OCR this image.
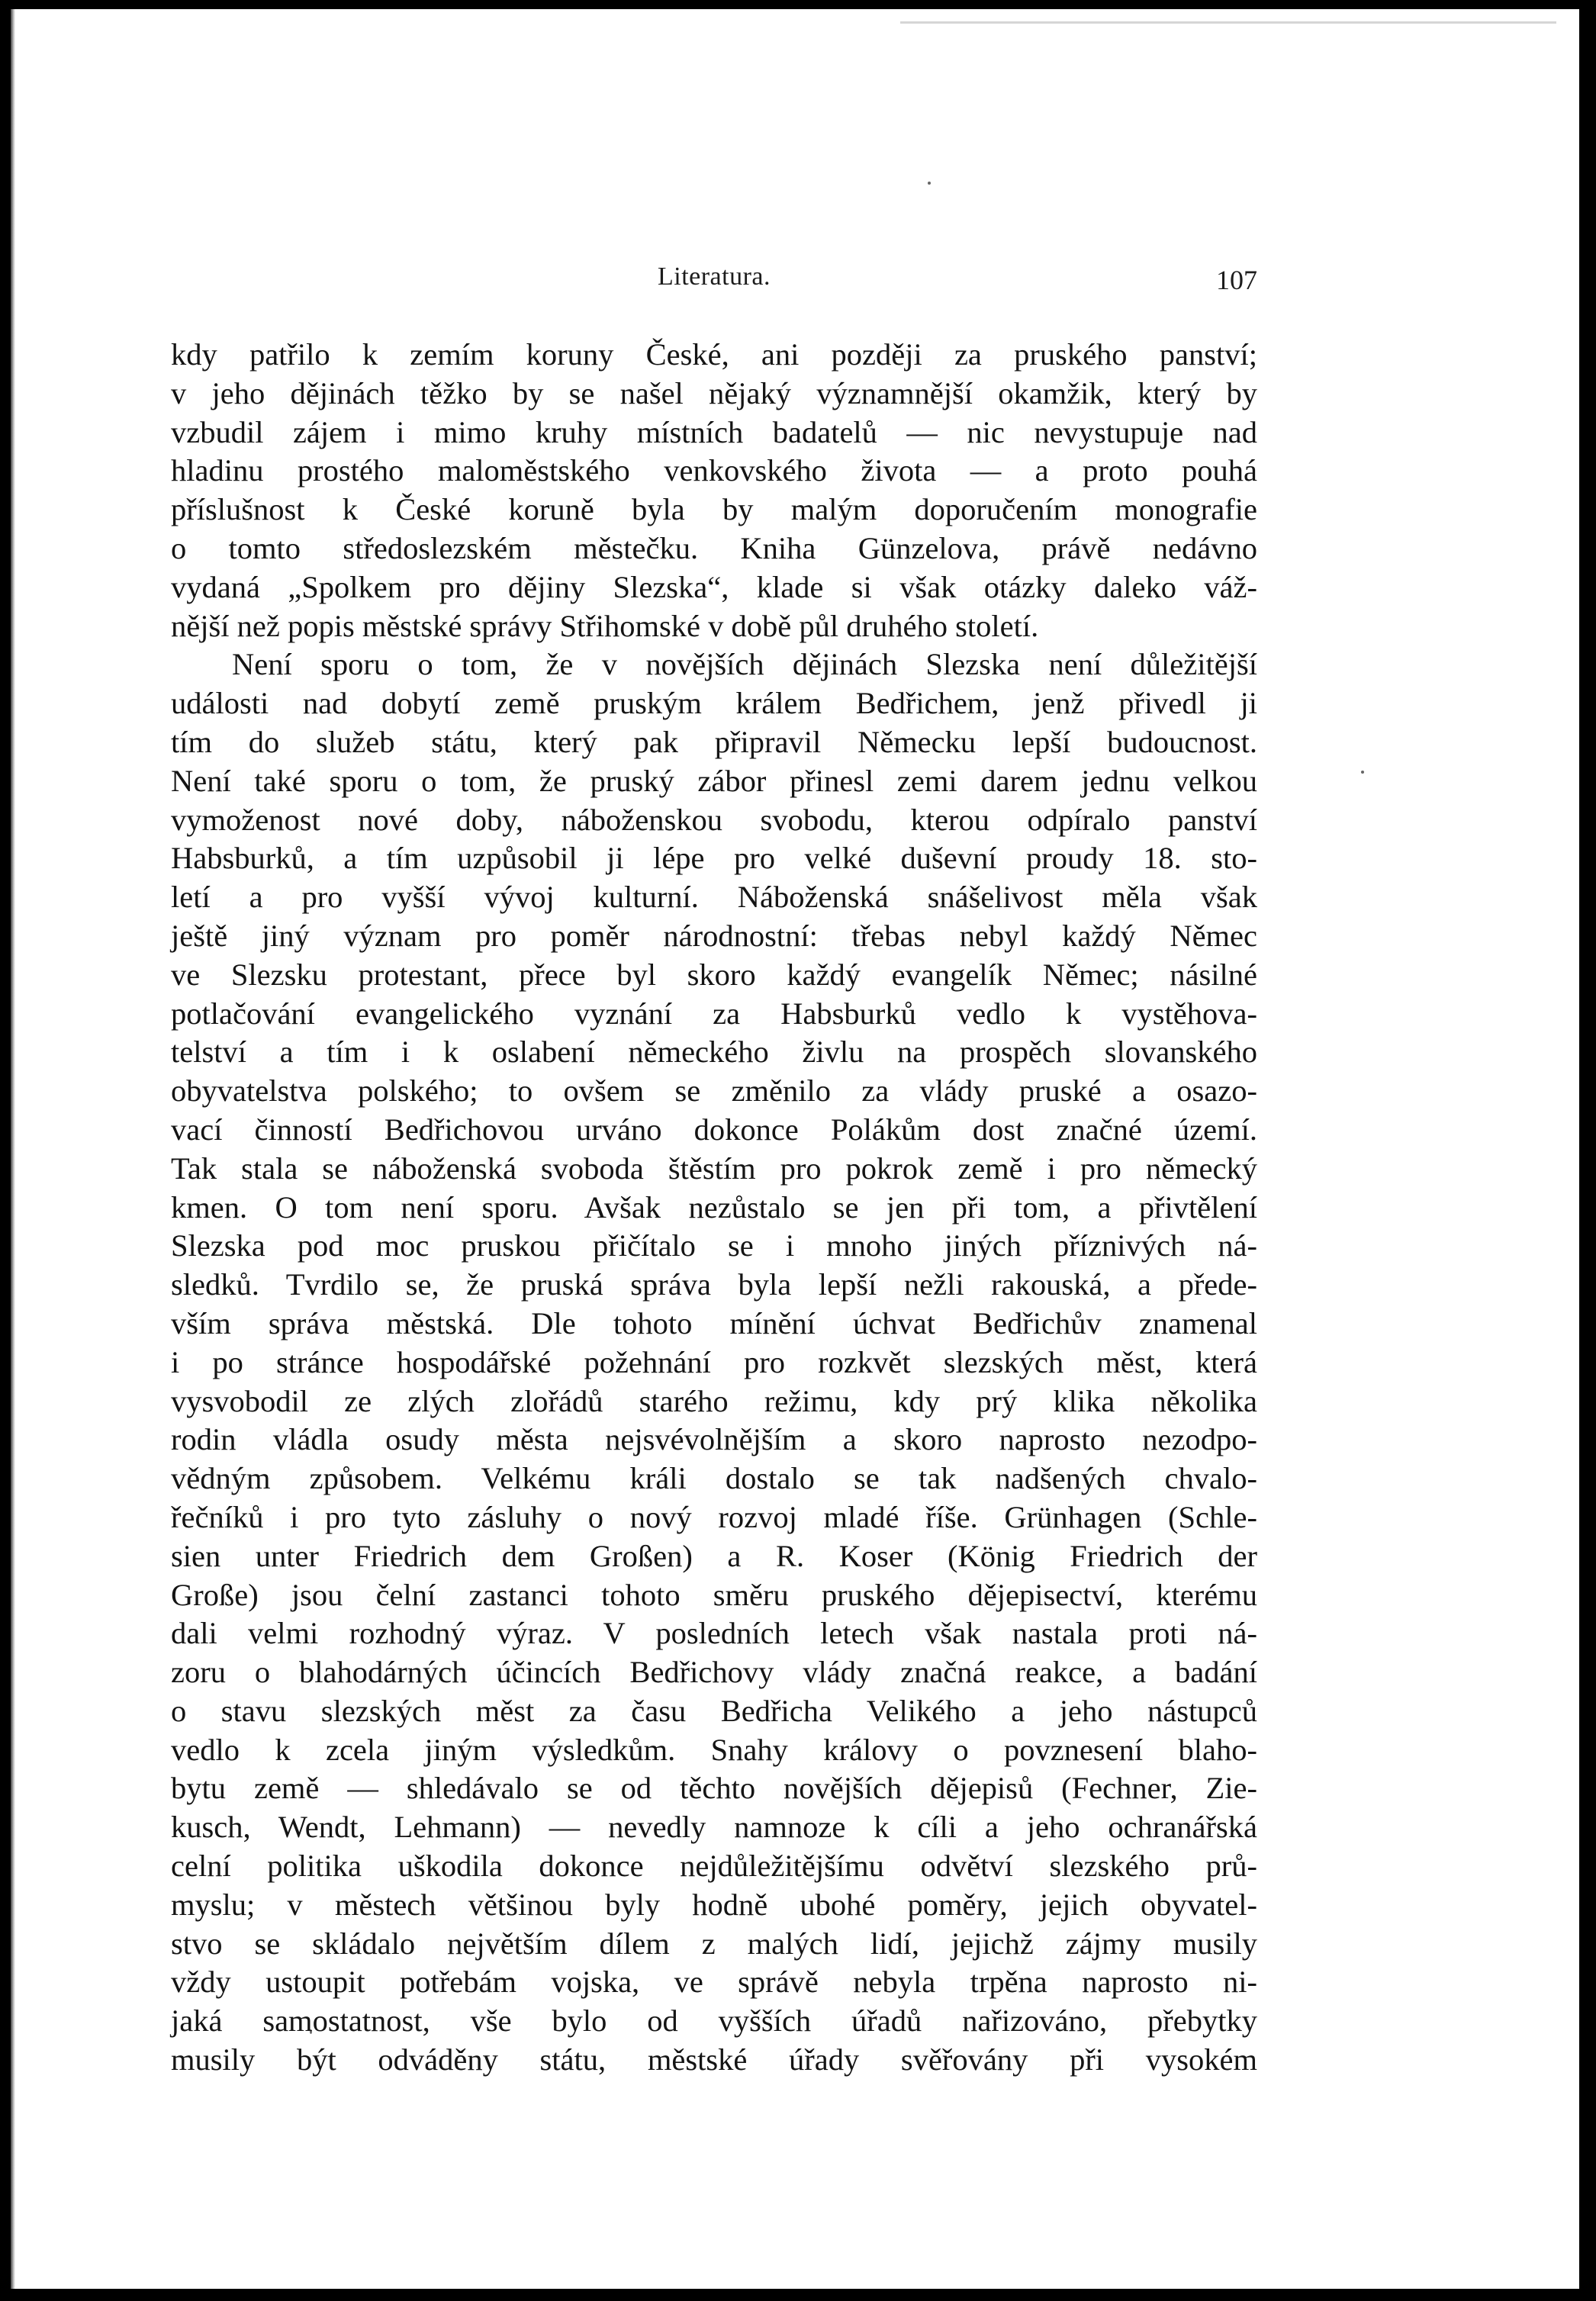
Literatura.	107
kdy patřilo k zemím koruny České, ani později za pruského panství;
v jeho dějinách těžko by se našel nějaký významnější okamžik, který by
vzbudil zájem i mimo kruhy místních badatelů — nic nevystupuje nad
hladinu prostého maloměstského venkovského života — a proto pouhá
příslušnost k České koruně byla by malým doporučením monografie
o tomto středoslezském městečku. Kniha Günzelova, právě nedávno
vydaná „Spolkem pro dějiny Slezska“, klade si však otázky daleko váž-
nější než popis městské správy Střihomské v době půl druhého století.
Není sporu o tom, že v novějších dějinách Slezska není důležitější
události nad dobytí země pruským králem Bedřichem, jenž přivedl ji
tím do služeb státu, který pak připravil Německu lepší budoucnost.
Není také sporu o tom, že pruský zábor přinesl zemi darem jednu velkou
vymoženost nové doby, náboženskou svobodu, kterou odpíralo panství
Habsburků, a tím uzpůsobil ji lépe pro velké duševní proudy 18. sto-
letí a pro vyšší vývoj kulturní. Náboženská snášelivost měla však
ještě jiný význam pro poměr národnostní: třebas nebyl každý Němec
ve Slezsku protestant, přece byl skoro každý evangelík Němec; násilné
potlačování evangelického vyznání za Habsburků vedlo k vystěhova-
telství a tím i k oslabení německého živlu na prospěch slovanského
obyvatelstva polského; to ovšem se změnilo za vlády pruské a osazo-
vací činností Bedřichovou urváno dokonce Polákům dost značné území.
Tak stala se náboženská svoboda štěstím pro pokrok země i pro německý
kmen. O tom není sporu. Avšak nezůstalo se jen při tom, a přivtělení
Slezska pod moc pruskou přičítalo se i mnoho jiných příznivých ná-
sledků. Tvrdilo se, že pruská správa byla lepší nežli rakouská, a přede-
vším správa městská. Dle tohoto mínění úchvat Bedřichův znamenal
i po stránce hospodářské požehnání pro rozkvět slezských měst, která
vysvobodil ze zlých zlořádů starého režimu, kdy prý klika několika
rodin vládla osudy města nejsvévolnějším a skoro naprosto nezodpo-
vědným způsobem. Velkému králi dostalo se tak nadšených chvalo-
řečníků i pro tyto zásluhy o nový rozvoj mladé říše. Grünhagen (Schle-
sien unter Friedrich dem Großen) a R. Koser (König Friedrich der
Große) jsou čelní zastanci tohoto směru pruského dějepisectví, kterému
dali velmi rozhodný výraz. V posledních letech však nastala proti ná-
zoru o blahodárných účincích Bedřichovy vlády značná reakce, a badání
o stavu slezských měst za času Bedřicha Velikého a jeho nástupců
vedlo k zcela jiným výsledkům. Snahy královy o povznesení blaho-
bytu země — shledávalo se od těchto novějších dějepisů (Fechner, Zie-
kusch, Wendt, Lehmann) — nevedly namnoze k cíli a jeho ochranářská
celní politika uškodila dokonce nejdůležitějšímu odvětví slezského prů-
myslu; v městech většinou byly hodně ubohé poměry, jejich obyvatel-
stvo se skládalo největším dílem z malých lidí, jejichž zájmy musily
vždy ustoupit potřebám vojska, ve správě nebyla trpěna naprosto ni-
jaká samostatnost, vše bylo od vyšších úřadů nařizováno, přebytky
musily být odváděny státu, městské úřady svěřovány při vysokém
